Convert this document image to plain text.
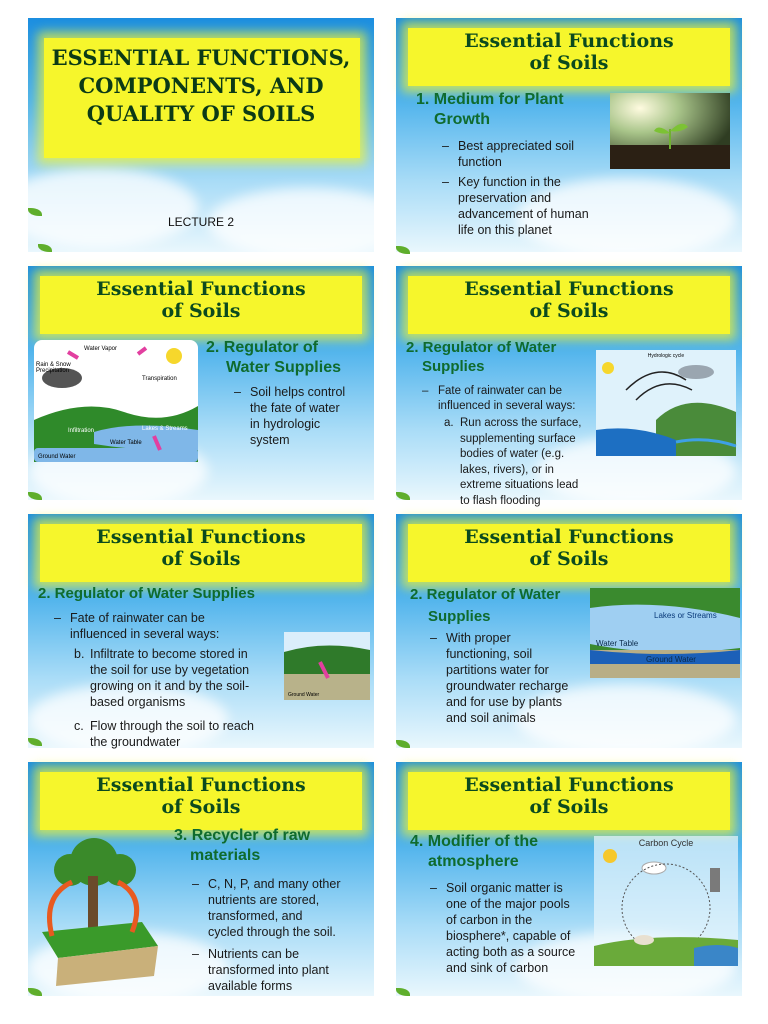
ESSENTIAL FUNCTIONS,
COMPONENTS, AND
QUALITY OF SOILS
LECTURE 2
Essential Functions
of Soils
1. Medium for Plant
Growth
– Best appreciated soil
function
– Key function in the
preservation and
advancement of human
life on this planet
Essential Functions
of Soils
Water Vapor
Rain & Snow
Precipitation
Transpiration
Infiltration	Lakes & Streams
Water Table
Ground Water
2. Regulator of
Water Supplies
– Soil helps control
the fate of water
in hydrologic
system
Essential Functions
of Soils
2. Regulator of Water
Supplies
Hydrologic cycle
– Fate of rainwater can be
influenced in several ways:
a. Run across the surface,
supplementing surface
bodies of water (e.g.
lakes, rivers), or in
extreme situations lead
to flash flooding
Essential Functions
of Soils
2. Regulator of Water Supplies
– Fate of rainwater can be
influenced in several ways:
b. Infiltrate to become stored in
the soil for use by vegetation
growing on it and by the soil-
based organisms
c. Flow through the soil to reach
the groundwater
Ground Water
Essential Functions
of Soils
2. Regulator of Water
Supplies
– With proper
functioning, soil
partitions water for
groundwater recharge
and for use by plants
and soil animals
Lakes or Streams
Water Table
Ground Water
Essential Functions
of Soils
3. Recycler of raw
materials
– C, N, P, and many other
nutrients are stored,
transformed, and
cycled through the soil.
– Nutrients can be
transformed into plant
available forms
Essential Functions
of Soils
4. Modifier of the
atmosphere
– Soil organic matter is
one of the major pools
of carbon in the
biosphere*, capable of
acting both as a source
and sink of carbon
Carbon Cycle
